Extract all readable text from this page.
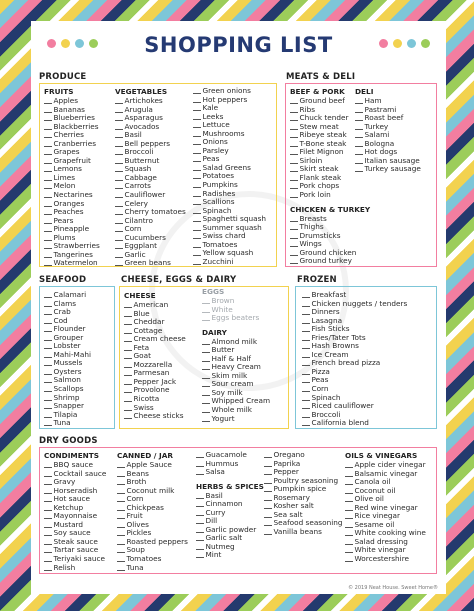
SHOPPING LIST
PRODUCE
FRUITS
Apples
Bananas
Blueberries
Blackberries
Cherries
Cranberries
Grapes
Grapefruit
Lemons
Limes
Melon
Nectarines
Oranges
Peaches
Pears
Pineapple
Plums
Strawberries
Tangerines
Watermelon
VEGETABLES
Artichokes
Arugula
Asparagus
Avocados
Basil
Bell peppers
Broccoli
Butternut
Squash
Cabbage
Carrots
Cauliflower
Celery
Cherry tomatoes
Cilantro
Corn
Cucumbers
Eggplant
Garlic
Green beans
Green onions
Hot peppers
Kale
Leeks
Lettuce
Mushrooms
Onions
Parsley
Peas
Salad Greens
Potatoes
Pumpkins
Radishes
Scallions
Spinach
Spaghetti squash
Summer squash
Swiss chard
Tomatoes
Yellow squash
Zucchini
MEATS & DELI
BEEF & PORK
Ground beef
Ribs
Chuck tender
Stew meat
Ribeye steak
T-Bone steak
Filet Mignon
Sirloin
Skirt steak
Flank steak
Pork chops
Pork loin
CHICKEN & TURKEY
Breasts
Thighs
Drumsticks
Wings
Ground chicken
Ground turkey
DELI
Ham
Pastrami
Roast beef
Turkey
Salami
Bologna
Hot dogs
Italian sausage
Turkey sausage
SEAFOOD
Calamari
Clams
Crab
Cod
Flounder
Grouper
Lobster
Mahi-Mahi
Mussels
Oysters
Salmon
Scallops
Shrimp
Snapper
Tilapia
Tuna
CHEESE, EGGS & DAIRY
CHEESE
American
Blue
Cheddar
Cottage
Cream cheese
Feta
Goat
Mozzarella
Parmesan
Pepper Jack
Provolone
Ricotta
Swiss
Cheese sticks
EGGS
Brown
White
Eggs beaters
DAIRY
Almond milk
Butter
Half & Half
Heavy Cream
Skim milk
Sour cream
Soy milk
Whipped Cream
Whole milk
Yogurt
FROZEN
Breakfast
Chicken nuggets / tenders
Dinners
Lasagna
Fish Sticks
Fries/Tater Tots
Hash Browns
Ice Cream
French bread pizza
Pizza
Peas
Corn
Spinach
Riced cauliflower
Broccoli
California blend
DRY GOODS
CONDIMENTS
BBQ sauce
Cocktail sauce
Gravy
Horseradish
Hot sauce
Ketchup
Mayonnaise
Mustard
Soy sauce
Steak sauce
Tartar sauce
Teriyaki sauce
Relish
CANNED / JAR
Apple Sauce
Beans
Broth
Coconut milk
Corn
Chickpeas
Fruit
Olives
Pickles
Roasted peppers
Soup
Tomatoes
Tuna
Guacamole
Hummus
Salsa
HERBS & SPICES
Basil
Cinnamon
Curry
Dill
Garlic powder
Garlic salt
Nutmeg
Mint
Oregano
Paprika
Pepper
Poultry seasoning
Pumpkin spice
Rosemary
Kosher salt
Sea salt
Seafood seasoning
Vanilla beans
OILS & VINEGARS
Apple cider vinegar
Balsamic vinegar
Canola oil
Coconut oil
Olive oil
Red wine vinegar
Rice vinegar
Sesame oil
White cooking wine
Salad dressing
White vinegar
Worcestershire
© 2019 Neat House. Sweet Home®
